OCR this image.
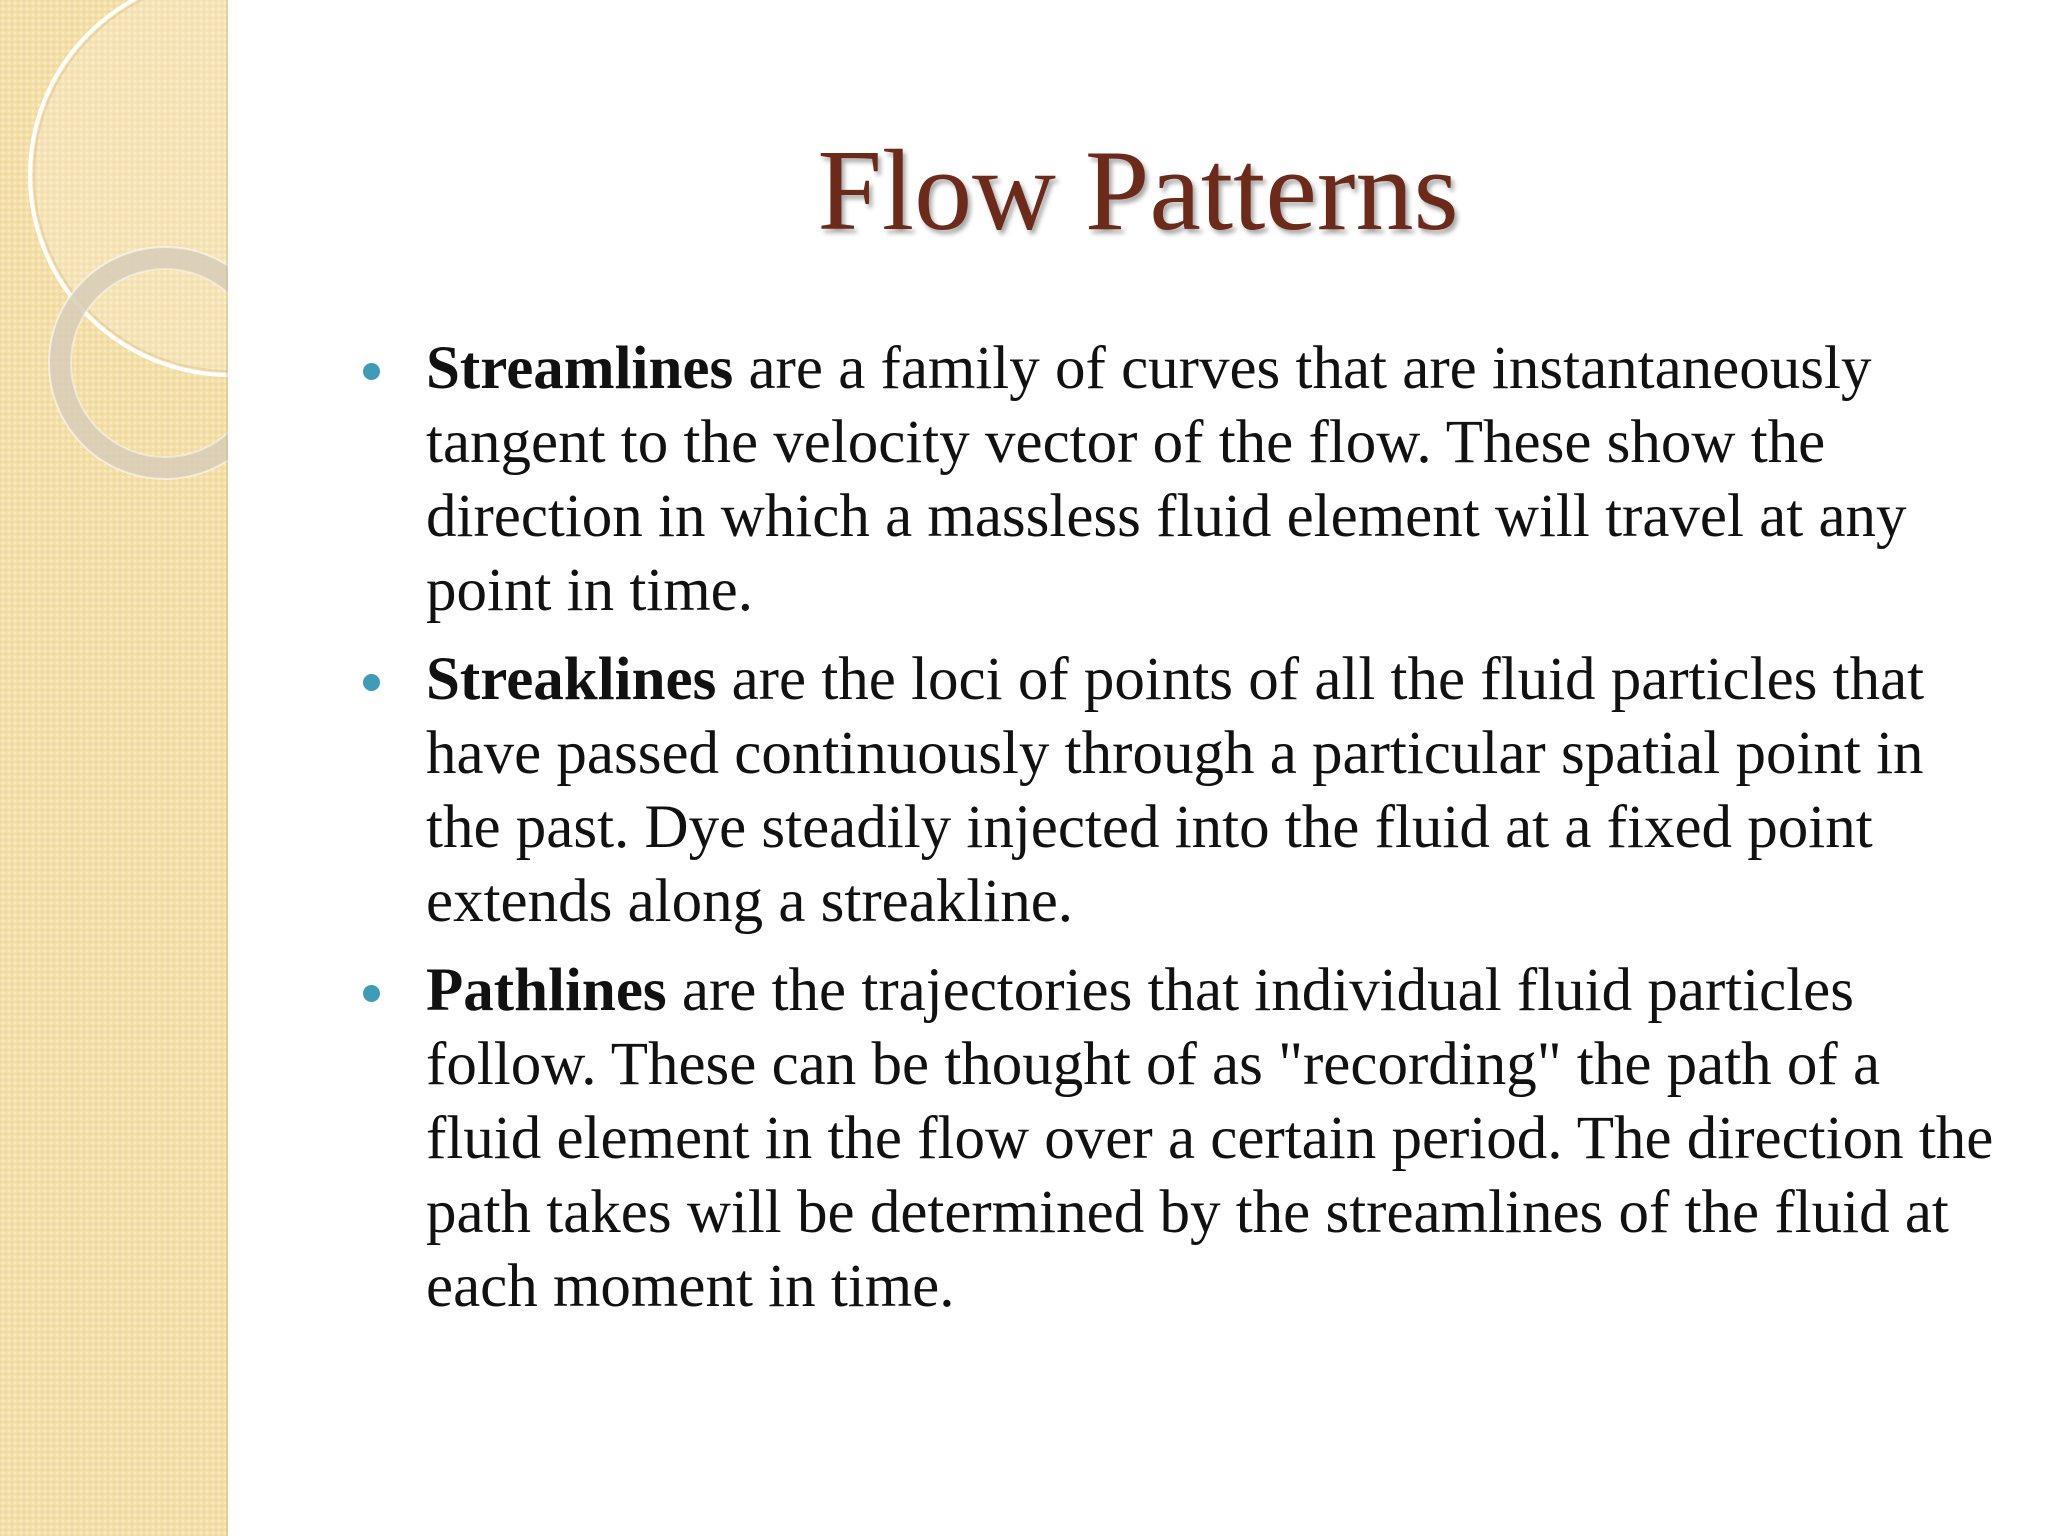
Flow Patterns
Streamlines are a family of curves that are instantaneously tangent to the velocity vector of the flow. These show the direction in which a massless fluid element will travel at any point in time.
Streaklines are the loci of points of all the fluid particles that have passed continuously through a particular spatial point in the past. Dye steadily injected into the fluid at a fixed point extends along a streakline.
Pathlines are the trajectories that individual fluid particles follow. These can be thought of as "recording" the path of a fluid element in the flow over a certain period. The direction the path takes will be determined by the streamlines of the fluid at each moment in time.
